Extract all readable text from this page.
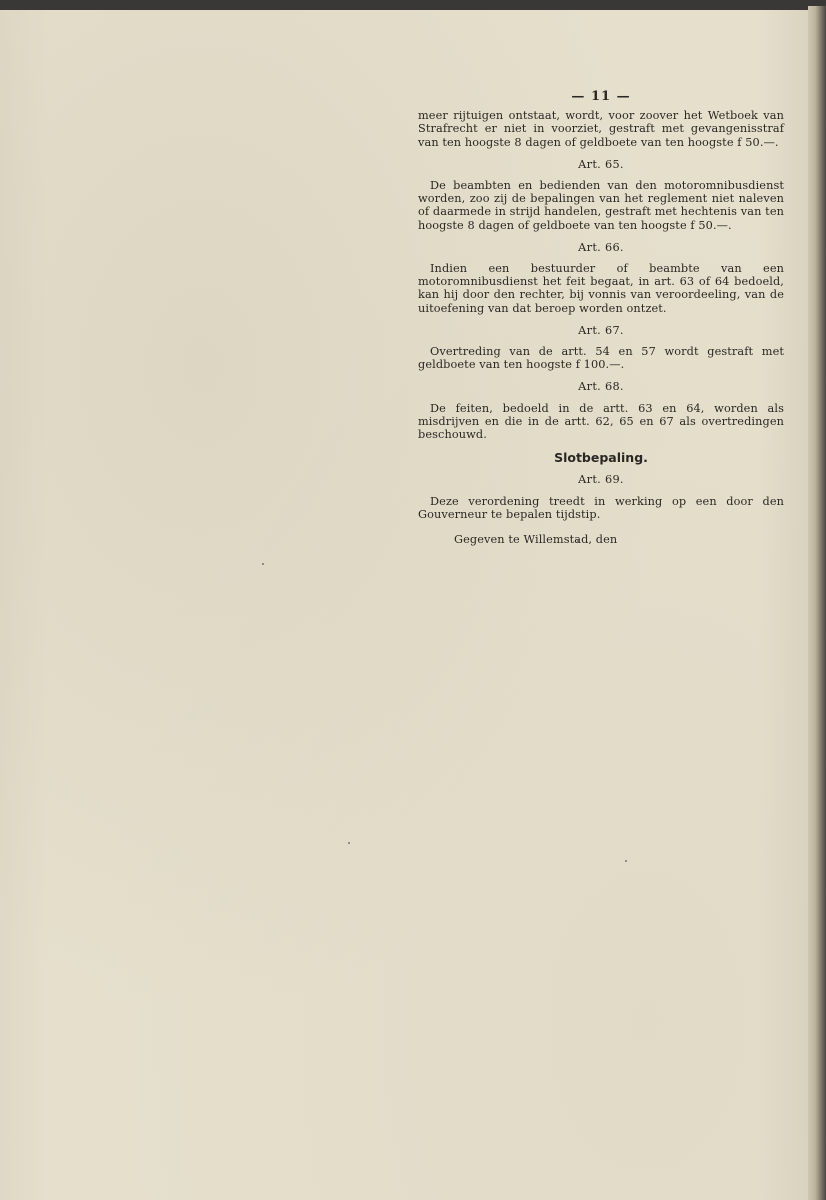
— 11 —

meer rijtuigen ontstaat, wordt, voor zoover het Wetboek van Strafrecht er niet in voorziet, gestraft met gevangenisstraf van ten hoogste 8 dagen of geldboete van ten hoogste f 50.—.

Art. 65.

De beambten en bedienden van den motoromnibusdienst worden, zoo zij de bepalingen van het reglement niet naleven of daarmede in strijd handelen, gestraft met hechtenis van ten hoogste 8 dagen of geldboete van ten hoogste f 50.—.

Art. 66.

Indien een bestuurder of beambte van een motoromnibusdienst het feit begaat, in art. 63 of 64 bedoeld, kan hij door den rechter, bij vonnis van veroordeeling, van de uitoefening van dat beroep worden ontzet.

Art. 67.

Overtreding van de artt. 54 en 57 wordt gestraft met geldboete van ten hoogste f 100.—.

Art. 68.

De feiten, bedoeld in de artt. 63 en 64, worden als misdrijven en die in de artt. 62, 65 en 67 als overtredingen beschouwd.

Slotbepaling.
Art. 69.

Deze verordening treedt in werking op een door den Gouverneur te bepalen tijdstip.

Gegeven te Willemstad, den
